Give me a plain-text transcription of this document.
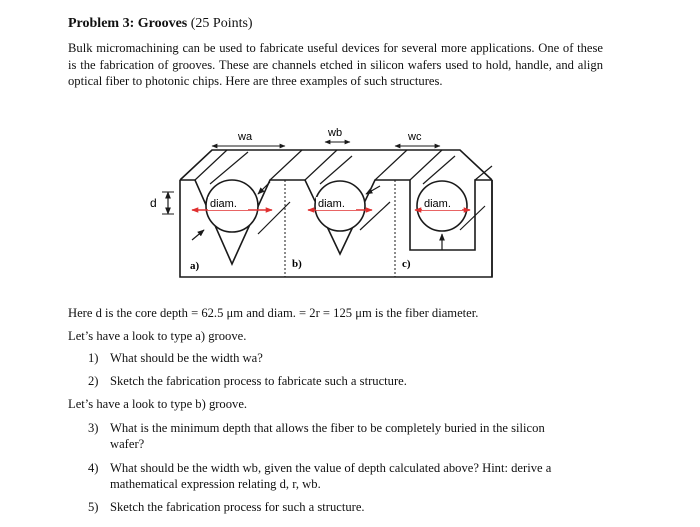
Problem 3: Grooves (25 Points)
Bulk micromachining can be used to fabricate useful devices for several more applications. One of these is the fabrication of grooves. These are channels etched in silicon wafers used to hold, handle, and align optical fiber to photonic chips. Here are three examples of such structures.
wa	wb	wc
d	diam.	diam.	diam.
a)	b)	c)
Here d is the core depth = 62.5 μm and diam. = 2r = 125 μm is the fiber diameter.
Let’s have a look to type a) groove.
1) What should be the width wa?
2) Sketch the fabrication process to fabricate such a structure.
Let’s have a look to type b) groove.
3) What is the minimum depth that allows the fiber to be completely buried in the silicon wafer?
4) What should be the width wb, given the value of depth calculated above? Hint: derive a mathematical expression relating d, r, wb.
5) Sketch the fabrication process for such a structure.
